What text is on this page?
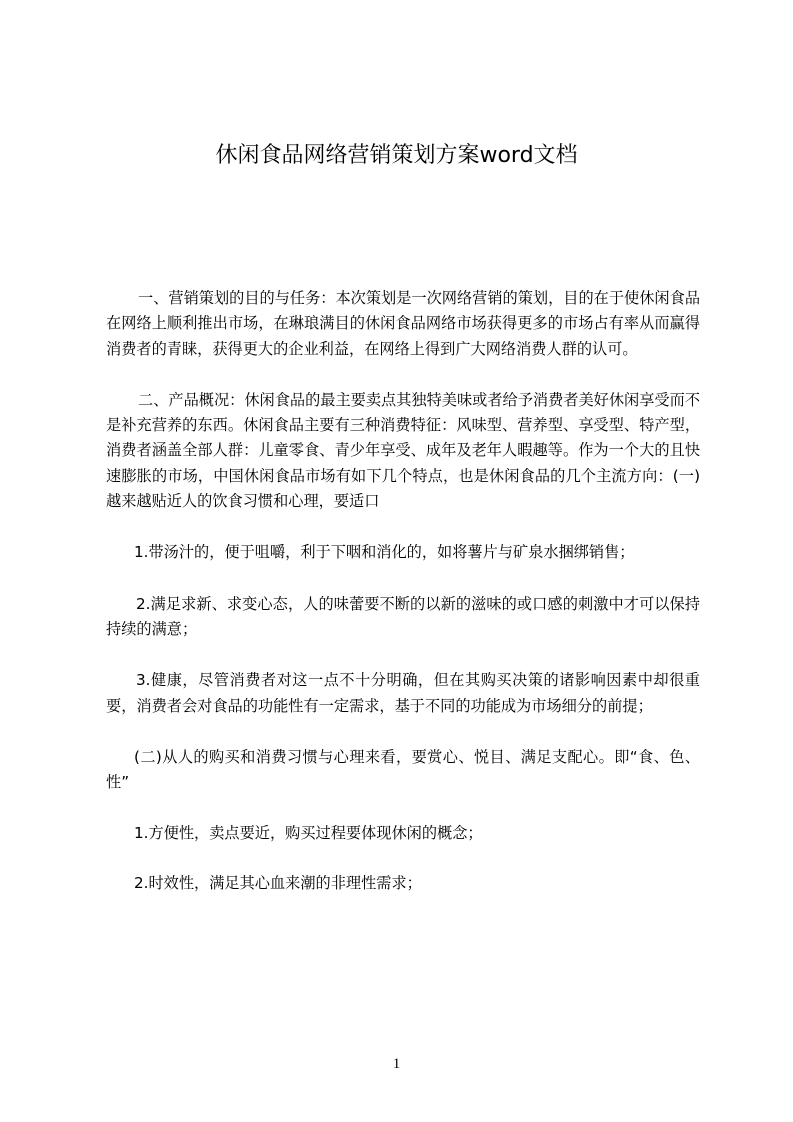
休闲食品网络营销策划方案word文档

一、营销策划的目的与任务：本次策划是一次网络营销的策划，目的在于使休闲食品在网络上顺利推出市场，在琳琅满目的休闲食品网络市场获得更多的市场占有率从而赢得消费者的青睐，获得更大的企业利益，在网络上得到广大网络消费人群的认可。

二、产品概况：休闲食品的最主要卖点其独特美味或者给予消费者美好休闲享受而不是补充营养的东西。休闲食品主要有三种消费特征：风味型、营养型、享受型、特产型，消费者涵盖全部人群：儿童零食、青少年享受、成年及老年人暇趣等。作为一个大的且快速膨胀的市场，中国休闲食品市场有如下几个特点，也是休闲食品的几个主流方向：(一)越来越贴近人的饮食习惯和心理，要适口

1.带汤汁的，便于咀嚼，利于下咽和消化的，如将薯片与矿泉水捆绑销售；

2.满足求新、求变心态，人的味蕾要不断的以新的滋味的或口感的刺激中才可以保持持续的满意；

3.健康，尽管消费者对这一点不十分明确，但在其购买决策的诸影响因素中却很重要，消费者会对食品的功能性有一定需求，基于不同的功能成为市场细分的前提；

(二)从人的购买和消费习惯与心理来看，要赏心、悦目、满足支配心。即“食、色、性”

1.方便性，卖点要近，购买过程要体现休闲的概念；

2.时效性，满足其心血来潮的非理性需求；

1
